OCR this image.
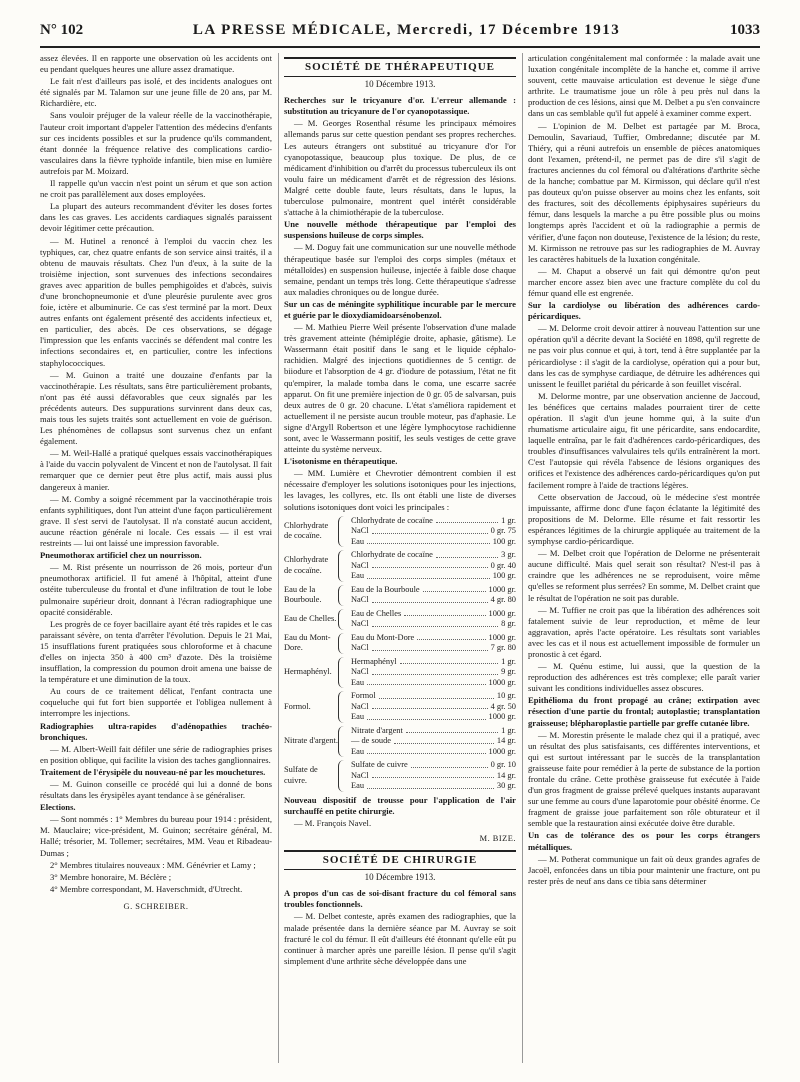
N° 102	LA PRESSE MÉDICALE, Mercredi, 17 Décembre 1913	1033

assez élevées. Il en rapporte une observation où les accidents ont eu pendant quelques heures une allure assez dramatique.

Le fait n'est d'ailleurs pas isolé, et des incidents analogues ont été signalés par M. Talamon sur une jeune fille de 20 ans, par M. Richardière, etc.

Sans vouloir préjuger de la valeur réelle de la vaccinothérapie, l'auteur croit important d'appeler l'attention des médecins d'enfants sur ces incidents possibles et sur la prudence qu'ils commandent, étant donnée la fréquence relative des complications cardio-vasculaires dans la fièvre typhoïde infantile, bien mise en lumière autrefois par M. Moizard.

Il rappelle qu'un vaccin n'est point un sérum et que son action ne croit pas parallèlement aux doses employées.

La plupart des auteurs recommandent d'éviter les doses fortes dans les cas graves. Les accidents cardiaques signalés paraissent devoir légitimer cette précaution.

— M. Hutinel a renoncé à l'emploi du vaccin chez les typhiques, car, chez quatre enfants de son service ainsi traités, il a obtenu de mauvais résultats. Chez l'un d'eux, à la suite de la troisième injection, sont survenues des infections secondaires graves avec apparition de bulles pemphigoïdes et d'abcès, suivis d'une bronchopneumonie et d'une pleurésie purulente avec gros foie, ictère et albuminurie. Ce cas s'est terminé par la mort. Deux autres enfants ont également présenté des accidents infectieux et, en particulier, des abcès. De ces observations, se dégage l'impression que les enfants vaccinés se défendent mal contre les infections secondaires et, en particulier, contre les infections staphylococciques.

— M. Guinon a traité une douzaine d'enfants par la vaccinothérapie. Les résultats, sans être particulièrement probants, n'ont pas été aussi défavorables que ceux signalés par les précédents auteurs. Des suppurations survinrent dans deux cas, mais tous les sujets traités sont actuellement en voie de guérison. Les phénomènes de collapsus sont survenus chez un enfant également.

— M. Weil-Hallé a pratiqué quelques essais vaccinothérapiques à l'aide du vaccin polyvalent de Vincent et non de l'autolysat. Il fait remarquer que ce dernier peut être plus actif, mais aussi plus dangereux à manier.

— M. Comby a soigné récemment par la vaccinothérapie trois enfants syphilitiques, dont l'un atteint d'une façon particulièrement grave. Il s'est servi de l'autolysat. Il n'a constaté aucun accident, aucune réaction générale ni locale. Ces essais — il est vrai restreints — lui ont laissé une impression favorable.

Pneumothorax artificiel chez un nourrisson.

— M. Rist présente un nourrisson de 26 mois, porteur d'un pneumothorax artificiel. Il fut amené à l'hôpital, atteint d'une ostéite tuberculeuse du frontal et d'une infiltration de tout le lobe pulmonaire supérieur droit, donnant à l'écran radiographique une opacité considérable.

Les progrès de ce foyer bacillaire ayant été très rapides et le cas paraissant sévère, on tenta d'arrêter l'évolution. Depuis le 21 Mai, 15 insufflations furent pratiquées sous chloroforme et à chacune d'elles on injecta 350 à 400 cm³ d'azote. Dès la troisième insufflation, la compression du poumon droit amena une baisse de la température et une diminution de la toux.

Au cours de ce traitement délicat, l'enfant contracta une coqueluche qui fut fort bien supportée et l'obligea nullement à interrompre les injections.

Radiographies ultra-rapides d'adénopathies trachéo-bronchiques.

— M. Albert-Weill fait défiler une série de radiographies prises en position oblique, qui facilite la vision des taches ganglionnaires.

Traitement de l'érysipèle du nouveau-né par les mouchetures.

— M. Guinon conseille ce procédé qui lui a donné de bons résultats dans les érysipèles ayant tendance à se généraliser.

Elections.

— Sont nommés : 1° Membres du bureau pour 1914 : président, M. Mauclaire; vice-président, M. Guinon; secrétaire général, M. Hallé; trésorier, M. Tollemer; secrétaires, MM. Veau et Ribadeau-Dumas ;

2° Membres titulaires nouveaux : MM. Génévrier et Lamy ;

3° Membre honoraire, M. Béclère ;

4° Membre correspondant, M. Haverschmidt, d'Utrecht.

G. SCHREIBER.
SOCIÉTÉ DE THÉRAPEUTIQUE
10 Décembre 1913.

Recherches sur le tricyanure d'or. L'erreur allemande : substitution au tricyanure de l'or cyanopotassique.

— M. Georges Rosenthal résume les principaux mémoires allemands parus sur cette question pendant ses propres recherches. Les auteurs étrangers ont substitué au tricyanure d'or l'or cyanopotassique, beaucoup plus toxique. De plus, de ce médicament d'inhibition ou d'arrêt du processus tuberculeux ils ont voulu faire un médicament d'arrêt et de régression des lésions. Malgré cette double faute, leurs résultats, dans le lupus, la tuberculose pulmonaire, montrent quel intérêt considérable s'attache à la chimiothérapie de la tuberculose.

Une nouvelle méthode thérapeutique par l'emploi des suspensions huileuse de corps simples.

— M. Doguy fait une communication sur une nouvelle méthode thérapeutique basée sur l'emploi des corps simples (métaux et métalloïdes) en suspension huileuse, injectée à faible dose chaque semaine, pendant un temps très long. Cette thérapeutique s'adresse aux maladies chroniques ou de longue durée.

Sur un cas de méningite syphilitique incurable par le mercure et guérie par le dioxydiamidoarsénobenzol.

— M. Mathieu Pierre Weil présente l'observation d'une malade très gravement atteinte (hémiplégie droite, aphasie, gâtisme). Le Wassermann était positif dans le sang et le liquide céphalo-rachidien. Malgré des injections quotidiennes de 5 centigr. de biiodure et l'absorption de 4 gr. d'iodure de potassium, l'état ne fit qu'empirer, la malade tomba dans le coma, une escarre sacrée apparut. On fit une première injection de 0 gr. 05 de salvarsan, puis deux autres de 0 gr. 20 chacune. L'état s'améliora rapidement et actuellement il ne persiste aucun trouble moteur, pas d'aphasie. Le signe d'Argyll Robertson et une légère lymphocytose rachidienne sont, avec le Wassermann positif, les seuls vestiges de cette grave atteinte du système nerveux.

L'isotonisme en thérapeutique.

— MM. Lumière et Chevrotier démontrent combien il est nécessaire d'employer les solutions isotoniques pour les injections, les lavages, les collyres, etc. Ils ont établi une liste de diverses solutions isotoniques dont voici les principales :

Chlorhydrate de cocaïne.
Chlorhydrate de cocaïne	1 gr.
NaCl	0 gr. 75
Eau	100 gr.
Chlorhydrate de cocaïne.
Chlorhydrate de cocaïne	3 gr.
NaCl	0 gr. 40
Eau	100 gr.
Eau de la Bourboule.
Eau de la Bourboule	1000 gr.
NaCl	4 gr. 80
Eau de Chelles.
Eau de Chelles	1000 gr.
NaCl	8 gr.
Eau du Mont-Dore.
Eau du Mont-Dore	1000 gr.
NaCl	7 gr. 80
Hermaphényl.
Hermaphényl	1 gr.
NaCl	9 gr.
Eau	1000 gr.
Formol.
Formol	10 gr.
NaCl	4 gr. 50
Eau	1000 gr.
Nitrate d'argent.
Nitrate d'argent	1 gr.
— de soude	14 gr.
Eau	1000 gr.
Sulfate de cuivre.
Sulfate de cuivre	0 gr. 10
NaCl	14 gr.
Eau	30 gr.

Nouveau dispositif de trousse pour l'application de l'air surchauffé en petite chirurgie.

— M. François Navel.

M. BIZE.
SOCIÉTÉ DE CHIRURGIE
10 Décembre 1913.

A propos d'un cas de soi-disant fracture du col fémoral sans troubles fonctionnels.

— M. Delbet conteste, après examen des radiographies, que la malade présentée dans la dernière séance par M. Auvray se soit fracturé le col du fémur. Il eût d'ailleurs été étonnant qu'elle eût pu continuer à marcher après une pareille lésion. Il pense qu'il s'agit simplement d'une arthrite sèche développée dans une

articulation congénitalement mal conformée : la malade avait une luxation congénitale incomplète de la hanche et, comme il arrive souvent, cette mauvaise articulation est devenue le siège d'une arthrite. Le traumatisme joue un rôle à peu près nul dans la production de ces lésions, ainsi que M. Delbet a pu s'en convaincre dans un cas semblable qu'il fut appelé à examiner comme expert.

— L'opinion de M. Delbet est partagée par M. Broca, Demoulin, Savariaud, Tuffier, Ombredanne; discutée par M. Thiéry, qui a réuni autrefois un ensemble de pièces anatomiques dont l'examen, prétend-il, ne permet pas de dire s'il s'agit de fractures anciennes du col fémoral ou d'altérations d'arthrite sèche de la hanche; combattue par M. Kirmisson, qui déclare qu'il n'est pas douteux qu'on puisse observer au moins chez les enfants, soit des fractures, soit des décollements épiphysaires supérieurs du fémur, dans lesquels la marche a pu être possible plus ou moins longtemps après l'accident et où la radiographie a permis de vérifier, d'une façon non douteuse, l'existence de la lésion; du reste, M. Kirmisson ne retrouve pas sur les radiographies de M. Auvray les caractères habituels de la luxation congénitale.

— M. Chaput a observé un fait qui démontre qu'on peut marcher encore assez bien avec une fracture complète du col du fémur quand elle est engrenée.

Sur la cardiolyse ou libération des adhérences cardo-péricardiques.

— M. Delorme croit devoir attirer à nouveau l'attention sur une opération qu'il a décrite devant la Société en 1898, qu'il regrette de ne pas voir plus connue et qui, à tort, tend à être supplantée par la péricardiolyse : il s'agit de la cardiolyse, opération qui a pour but, dans les cas de symphyse cardiaque, de détruire les adhérences qui unissent le feuillet pariétal du péricarde à son feuillet viscéral.

M. Delorme montre, par une observation ancienne de Jaccoud, les bénéfices que certains malades pourraient tirer de cette opération. Il s'agit d'un jeune homme qui, à la suite d'un rhumatisme articulaire aigu, fit une péricardite, sans endocardite, laquelle entraîna, par le fait d'adhérences cardo-péricardiques, des troubles d'insuffisances valvulaires tels qu'ils entraînèrent la mort. C'est l'autopsie qui révéla l'absence de lésions organiques des orifices et l'existence des adhérences cardo-péricardiques qu'on put facilement rompre à l'aide de tractions légères.

Cette observation de Jaccoud, où le médecine s'est montrée impuissante, affirme donc d'une façon éclatante la légitimité des propositions de M. Delorme. Elle résume et fait ressortir les espérances légitimes de la chirurgie appliquée au traitement de la symphyse cardio-péricardique.

— M. Delbet croit que l'opération de Delorme ne présenterait aucune difficulté. Mais quel serait son résultat? N'est-il pas à craindre que les adhérences ne se reproduisent, voire même qu'elles se reforment plus serrées? En somme, M. Delbet craint que le résultat de l'opération ne soit pas durable.

— M. Tuffier ne croit pas que la libération des adhérences soit fatalement suivie de leur reproduction, et même de leur aggravation, après l'acte opératoire. Les résultats sont variables avec les cas et il nous est actuellement impossible de formuler un pronostic à cet égard.

— M. Quénu estime, lui aussi, que la question de la reproduction des adhérences est très complexe; elle paraît varier suivant les conditions individuelles assez obscures.

Epithélioma du front propagé au crâne; extirpation avec résection d'une partie du frontal; autoplastie; transplantation graisseuse; blépharoplastie partielle par greffe cutanée libre.

— M. Morestin présente le malade chez qui il a pratiqué, avec un résultat des plus satisfaisants, ces différentes interventions, et qui est surtout intéressant par le succès de la transplantation graisseuse faite pour remédier à la perte de substance de la portion frontale du crâne. Cette prothèse graisseuse fut exécutée à l'aide d'un gros fragment de graisse prélevé quelques instants auparavant sur une femme au cours d'une laparotomie pour obésité énorme. Ce fragment de graisse joue parfaitement son rôle obturateur et il semble que la restauration ainsi exécutée doive être durable.

Un cas de tolérance des os pour les corps étrangers métalliques.

— M. Potherat communique un fait où deux grandes agrafes de Jacoël, enfoncées dans un tibia pour maintenir une fracture, ont pu rester près de neuf ans dans ce tibia sans déterminer
